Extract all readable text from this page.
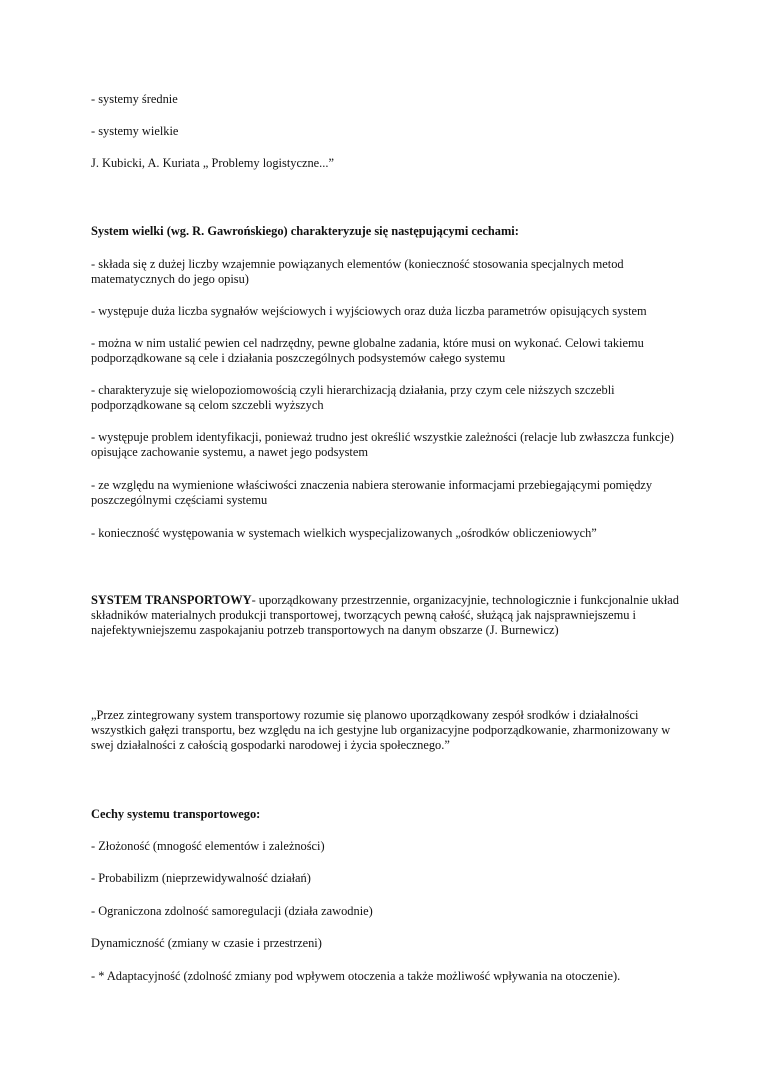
- systemy średnie

- systemy wielkie

J. Kubicki, A. Kuriata „ Problemy logistyczne...”

System wielki (wg. R. Gawrońskiego) charakteryzuje się następującymi cechami:

- składa się z dużej liczby wzajemnie powiązanych elementów (konieczność stosowania specjalnych metod matematycznych do jego opisu)

- występuje duża liczba sygnałów wejściowych i wyjściowych oraz duża liczba parametrów opisujących system

- można w nim ustalić pewien cel nadrzędny, pewne globalne zadania, które musi on wykonać. Celowi takiemu podporządkowane są cele i działania poszczególnych podsystemów całego systemu

- charakteryzuje się wielopoziomowością czyli hierarchizacją działania, przy czym cele niższych szczebli podporządkowane są celom szczebli wyższych

- występuje problem identyfikacji, ponieważ trudno jest określić wszystkie zależności (relacje lub zwłaszcza funkcje) opisujące zachowanie systemu, a nawet jego podsystem

- ze względu na wymienione właściwości znaczenia nabiera sterowanie informacjami przebiegającymi pomiędzy poszczególnymi częściami systemu

- konieczność występowania w systemach wielkich wyspecjalizowanych „ośrodków obliczeniowych”

SYSTEM TRANSPORTOWY- uporządkowany przestrzennie, organizacyjnie, technologicznie i funkcjonalnie układ składników materialnych produkcji transportowej, tworzących pewną całość, służącą jak najsprawniejszemu i najefektywniejszemu zaspokajaniu potrzeb transportowych na danym obszarze (J. Burnewicz)

„Przez zintegrowany system transportowy rozumie się planowo uporządkowany zespół srodków i działalności wszystkich gałęzi transportu, bez względu na ich gestyjne lub organizacyjne podporządkowanie, zharmonizowany w swej działalności z całością gospodarki narodowej i życia społecznego.”

Cechy systemu transportowego:

- Złożoność (mnogość elementów i zależności)

- Probabilizm (nieprzewidywalność działań)

- Ograniczona zdolność samoregulacji (działa zawodnie)

Dynamiczność (zmiany w czasie i przestrzeni)

- * Adaptacyjność (zdolność zmiany pod wpływem otoczenia a także możliwość wpływania na otoczenie).
